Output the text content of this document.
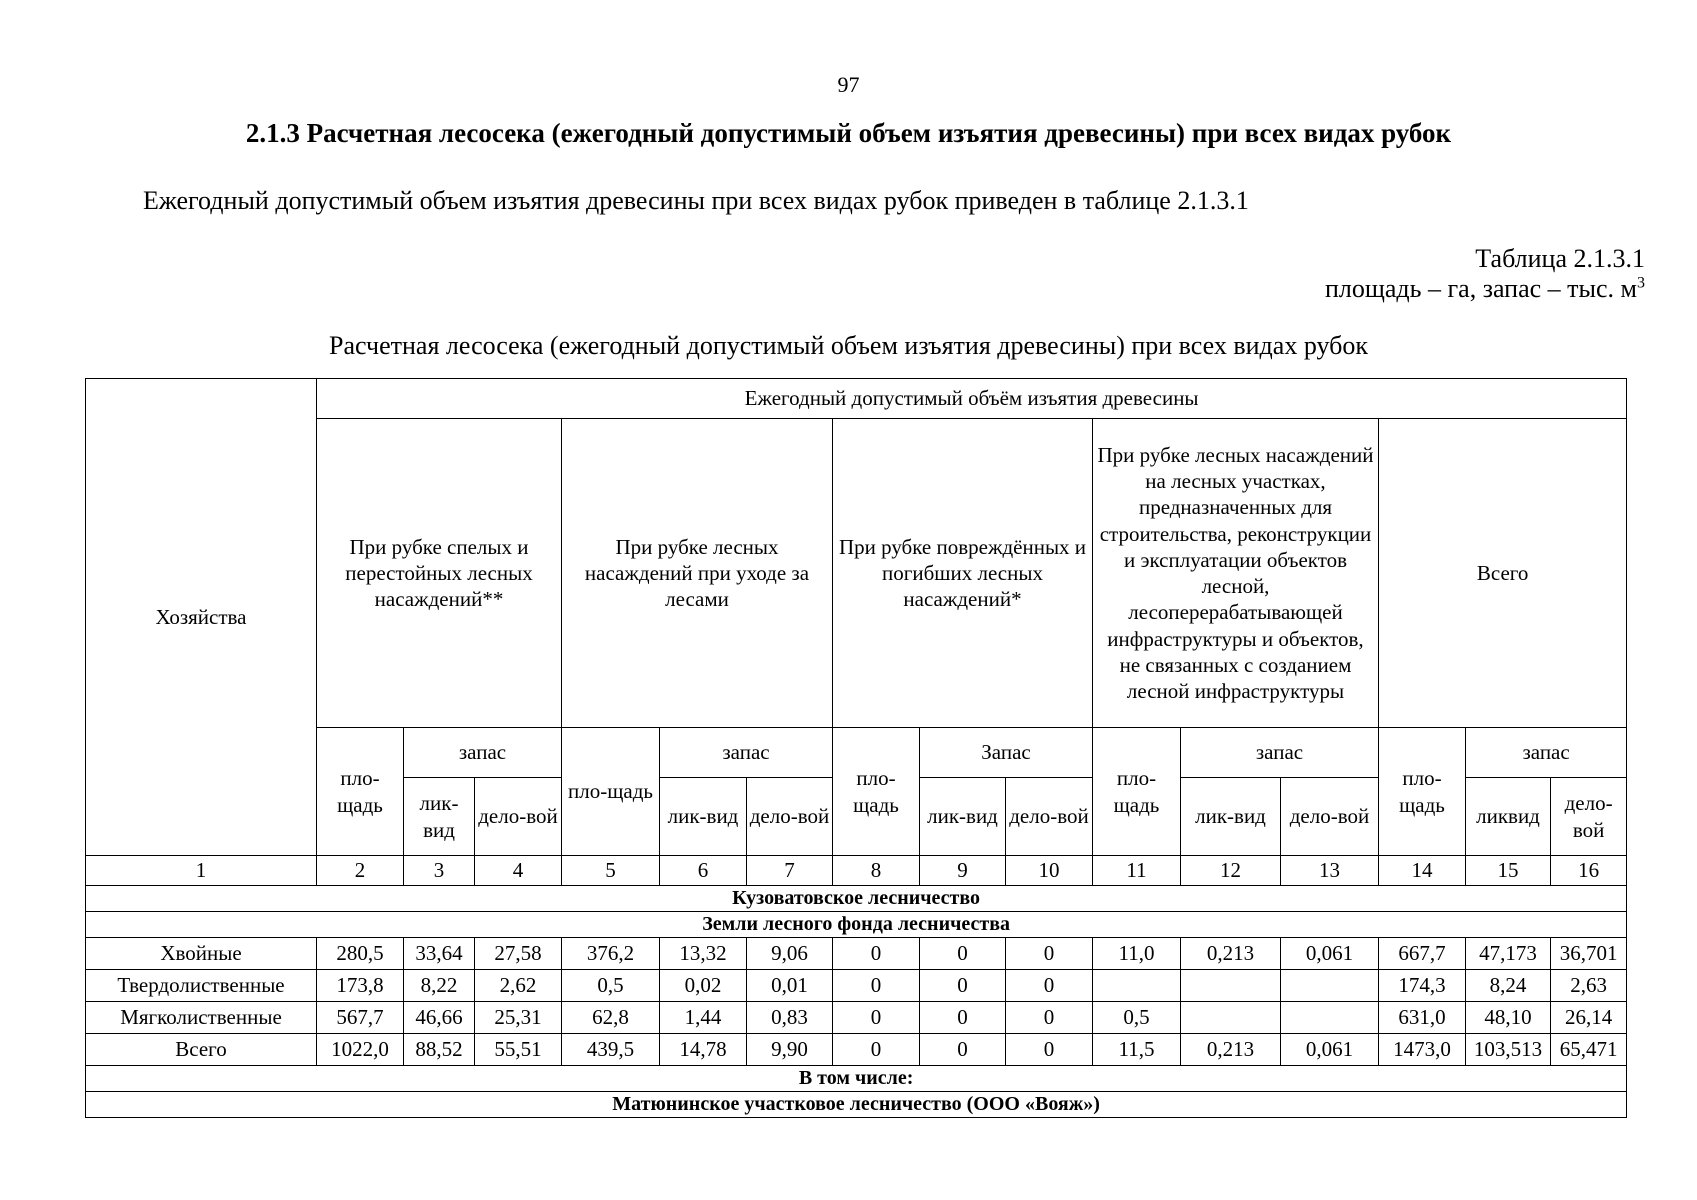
97
2.1.3 Расчетная лесосека (ежегодный допустимый объем изъятия древесины) при всех видах рубок
Ежегодный допустимый объем изъятия древесины при всех видах рубок приведен в таблице 2.1.3.1
Таблица 2.1.3.1
площадь – га, запас – тыс. $м^3$
Расчетная лесосека (ежегодный допустимый объем изъятия древесины) при всех видах рубок
Хозяйства	Ежегодный допустимый объём изъятия древесины														
	При рубке спелых и перестойных лесных насаждений**			При рубке лесных насаждений при уходе за лесами			При рубке повреждённых и погибших лесных насаждений*			При рубке лесных насаждений на лесных участках, предназначенных для строительства, реконструкции и эксплуатации объектов лесной, лесоперерабатывающей инфраструктуры и объектов, не связанных с созданием лесной инфраструктуры			Всего		
	пло-щадь	запас		пло-щадь	запас		пло-щадь	Запас		пло-щадь	запас		пло-щадь	запас	
		лик-вид	дело-вой		лик-вид	дело-вой		лик-вид	дело-вой		лик-вид	дело-вой		ликвид	дело-вой
1	2	3	4	5	6	7	8	9	10	11	12	13	14	15	16
Кузоватовское лесничество															
Земли лесного фонда лесничества															
Хвойные	280,5	33,64	27,58	376,2	13,32	9,06	0	0	0	11,0	0,213	0,061	667,7	47,173	36,701
Твердолиственные	173,8	8,22	2,62	0,5	0,02	0,01	0	0	0				174,3	8,24	2,63
Мягколиственные	567,7	46,66	25,31	62,8	1,44	0,83	0	0	0	0,5			631,0	48,10	26,14
Всего	1022,0	88,52	55,51	439,5	14,78	9,90	0	0	0	11,5	0,213	0,061	1473,0	103,513	65,471
В том числе:															
Матюнинское участковое лесничество (ООО «Вояж»)															
